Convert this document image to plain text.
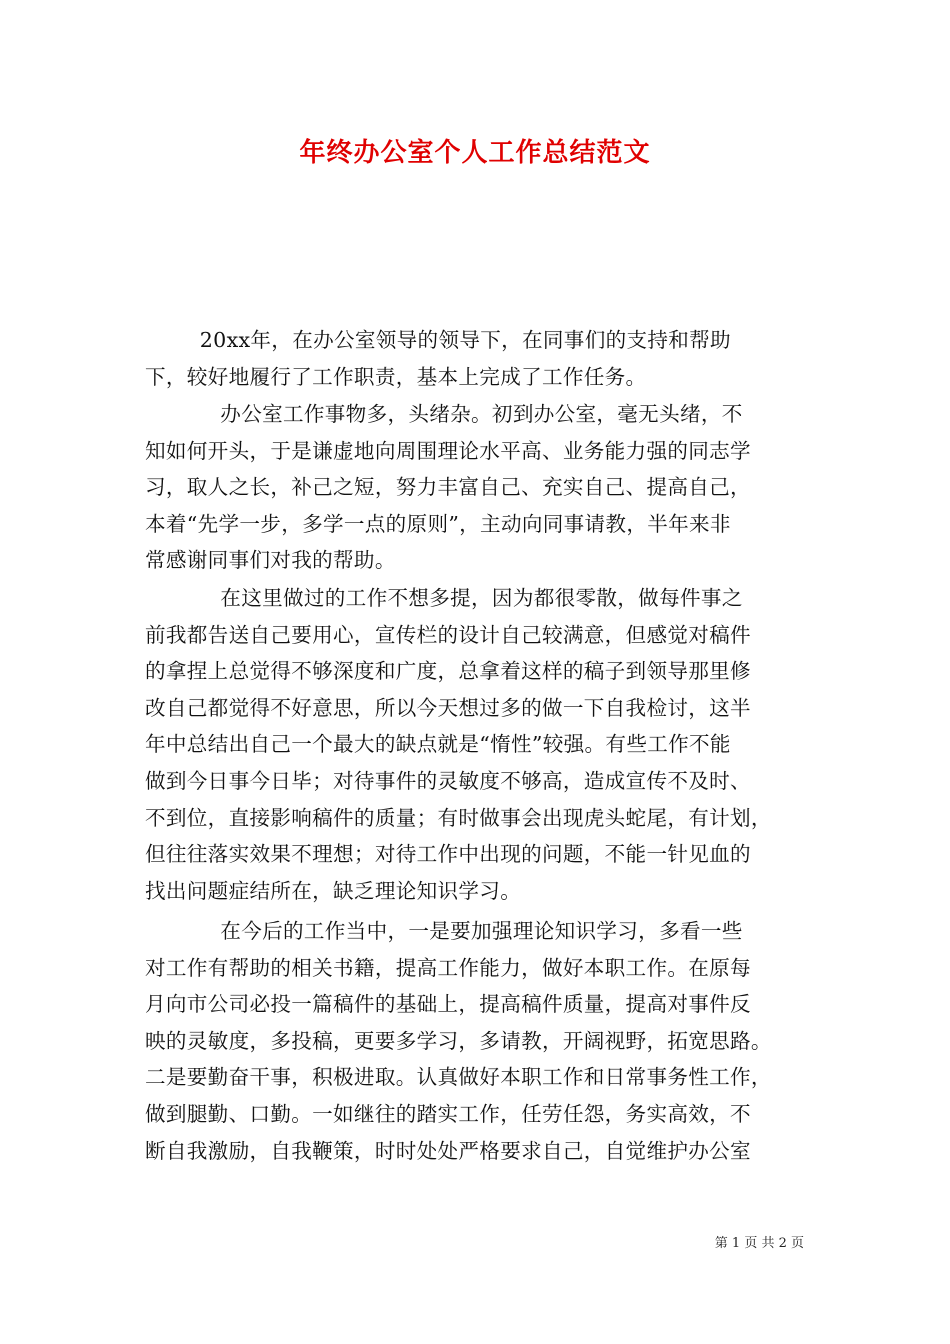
年终办公室个人工作总结范文
20xx年，在办公室领导的领导下，在同事们的支持和帮助
下，较好地履行了工作职责，基本上完成了工作任务。
办公室工作事物多，头绪杂。初到办公室，毫无头绪，不
知如何开头，于是谦虚地向周围理论水平高、业务能力强的同志学
习，取人之长，补己之短，努力丰富自己、充实自己、提高自己，
本着“先学一步，多学一点的原则”，主动向同事请教，半年来非
常感谢同事们对我的帮助。
在这里做过的工作不想多提，因为都很零散，做每件事之
前我都告送自己要用心，宣传栏的设计自己较满意，但感觉对稿件
的拿捏上总觉得不够深度和广度，总拿着这样的稿子到领导那里修
改自己都觉得不好意思，所以今天想过多的做一下自我检讨，这半
年中总结出自己一个最大的缺点就是“惰性”较强。有些工作不能
做到今日事今日毕；对待事件的灵敏度不够高，造成宣传不及时、
不到位，直接影响稿件的质量；有时做事会出现虎头蛇尾，有计划，
但往往落实效果不理想；对待工作中出现的问题，不能一针见血的
找出问题症结所在，缺乏理论知识学习。
在今后的工作当中，一是要加强理论知识学习，多看一些
对工作有帮助的相关书籍，提高工作能力，做好本职工作。在原每
月向市公司必投一篇稿件的基础上，提高稿件质量，提高对事件反
映的灵敏度，多投稿，更要多学习，多请教，开阔视野，拓宽思路。
二是要勤奋干事，积极进取。认真做好本职工作和日常事务性工作，
做到腿勤、口勤。一如继往的踏实工作，任劳任怨，务实高效，不
断自我激励，自我鞭策，时时处处严格要求自己，自觉维护办公室
第 1 页 共 2 页
